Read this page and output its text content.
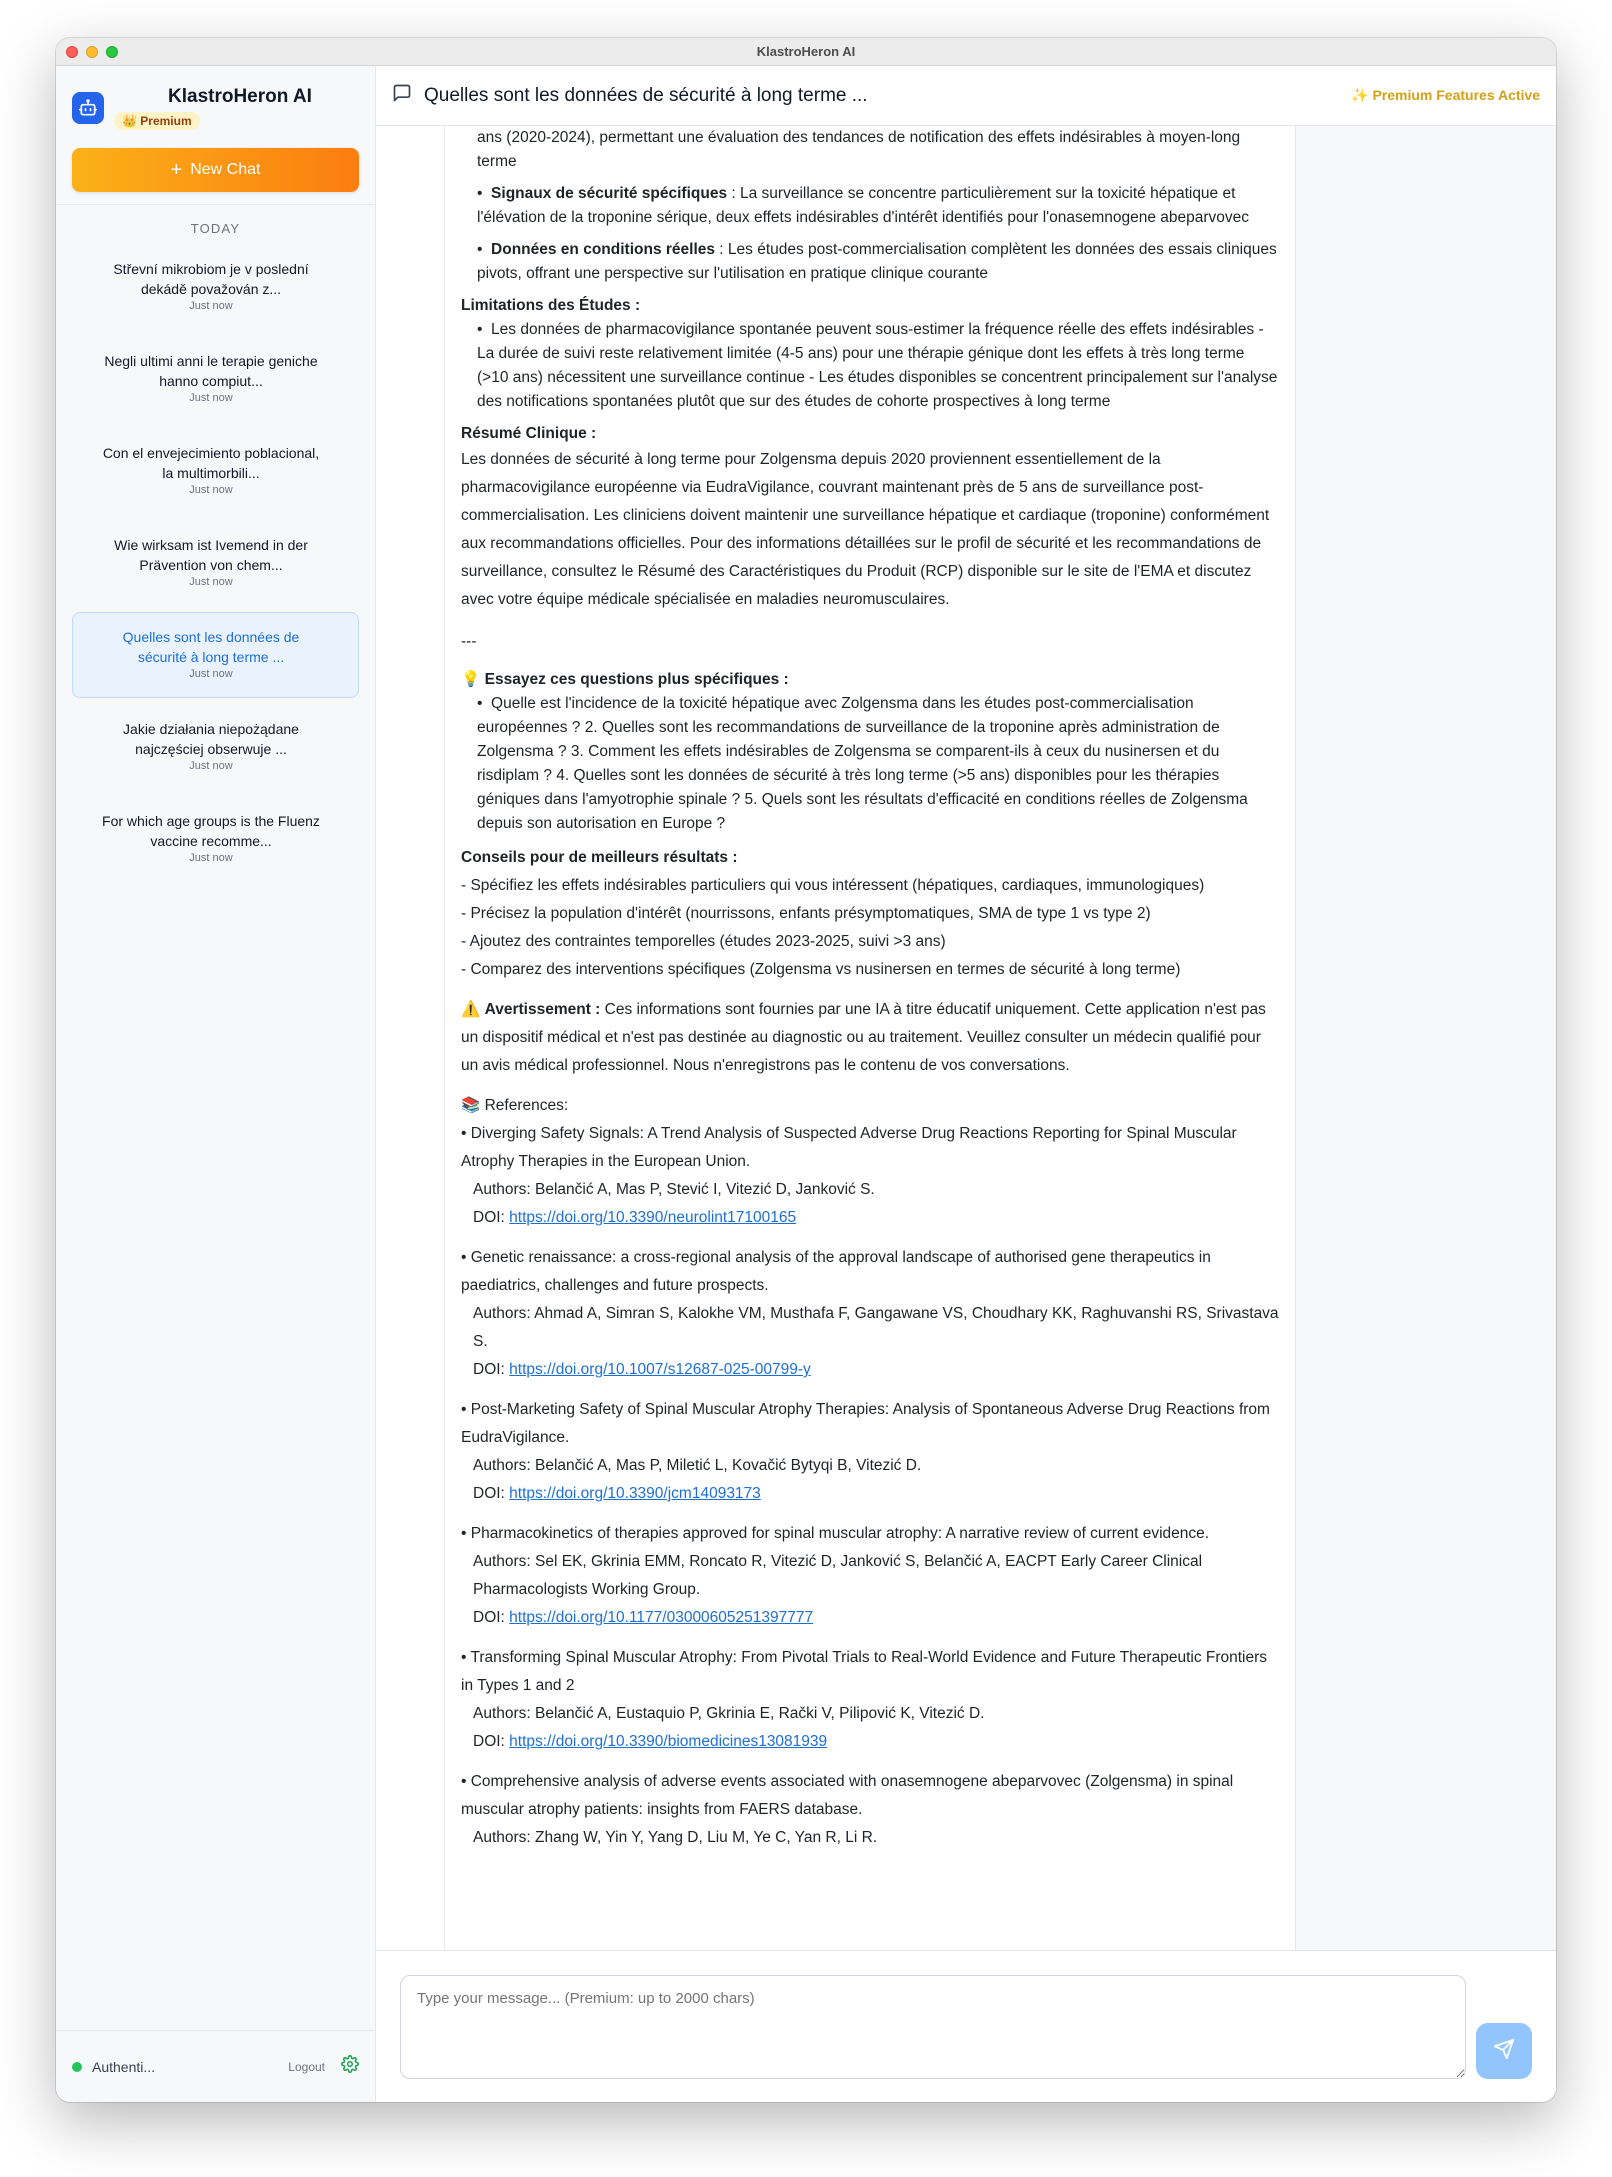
KlastroHeron AI
KlastroHeron AI
👑 Premium
+ New Chat
TODAY
Střevní mikrobiom je v poslední dekádě považován z...
Just now
Negli ultimi anni le terapie geniche hanno compiut...
Just now
Con el envejecimiento poblacional, la multimorbili...
Just now
Wie wirksam ist Ivemend in der Prävention von chem...
Just now
Quelles sont les données de sécurité à long terme ...
Just now
Jakie działania niepożądane najczęściej obserwuje ...
Just now
For which age groups is the Fluenz vaccine recomme...
Just now
Authenti...	Logout
Quelles sont les données de sécurité à long terme ...	✨ Premium Features Active
ans (2020-2024), permettant une évaluation des tendances de notification des effets indésirables à moyen-long terme
•  Signaux de sécurité spécifiques : La surveillance se concentre particulièrement sur la toxicité hépatique et l'élévation de la troponine sérique, deux effets indésirables d'intérêt identifiés pour l'onasemnogene abeparvovec
•  Données en conditions réelles : Les études post-commercialisation complètent les données des essais cliniques pivots, offrant une perspective sur l'utilisation en pratique clinique courante

Limitations des Études :

•  Les données de pharmacovigilance spontanée peuvent sous-estimer la fréquence réelle des effets indésirables - La durée de suivi reste relativement limitée (4-5 ans) pour une thérapie génique dont les effets à très long terme (>10 ans) nécessitent une surveillance continue - Les études disponibles se concentrent principalement sur l'analyse des notifications spontanées plutôt que sur des études de cohorte prospectives à long terme

Résumé Clinique :

Les données de sécurité à long terme pour Zolgensma depuis 2020 proviennent essentiellement de la pharmacovigilance européenne via EudraVigilance, couvrant maintenant près de 5 ans de surveillance post-commercialisation. Les cliniciens doivent maintenir une surveillance hépatique et cardiaque (troponine) conformément aux recommandations officielles. Pour des informations détaillées sur le profil de sécurité et les recommandations de surveillance, consultez le Résumé des Caractéristiques du Produit (RCP) disponible sur le site de l'EMA et discutez avec votre équipe médicale spécialisée en maladies neuromusculaires.

---

💡 Essayez ces questions plus spécifiques :

•  Quelle est l'incidence de la toxicité hépatique avec Zolgensma dans les études post-commercialisation européennes ? 2. Quelles sont les recommandations de surveillance de la troponine après administration de Zolgensma ? 3. Comment les effets indésirables de Zolgensma se comparent-ils à ceux du nusinersen et du risdiplam ? 4. Quelles sont les données de sécurité à très long terme (>5 ans) disponibles pour les thérapies géniques dans l'amyotrophie spinale ? 5. Quels sont les résultats d'efficacité en conditions réelles de Zolgensma depuis son autorisation en Europe ?

Conseils pour de meilleurs résultats :

- Spécifiez les effets indésirables particuliers qui vous intéressent (hépatiques, cardiaques, immunologiques)

- Précisez la population d'intérêt (nourrissons, enfants présymptomatiques, SMA de type 1 vs type 2)

- Ajoutez des contraintes temporelles (études 2023-2025, suivi >3 ans)

- Comparez des interventions spécifiques (Zolgensma vs nusinersen en termes de sécurité à long terme)

⚠️ Avertissement : Ces informations sont fournies par une IA à titre éducatif uniquement. Cette application n'est pas un dispositif médical et n'est pas destinée au diagnostic ou au traitement. Veuillez consulter un médecin qualifié pour un avis médical professionnel. Nous n'enregistrons pas le contenu de vos conversations.

📚 References:

• Diverging Safety Signals: A Trend Analysis of Suspected Adverse Drug Reactions Reporting for Spinal Muscular Atrophy Therapies in the European Union.

Authors: Belančić A, Mas P, Stević I, Vitezić D, Janković S.

DOI: https://doi.org/10.3390/neurolint17100165

• Genetic renaissance: a cross-regional analysis of the approval landscape of authorised gene therapeutics in paediatrics, challenges and future prospects.

Authors: Ahmad A, Simran S, Kalokhe VM, Musthafa F, Gangawane VS, Choudhary KK, Raghuvanshi RS, Srivastava S.

DOI: https://doi.org/10.1007/s12687-025-00799-y

• Post-Marketing Safety of Spinal Muscular Atrophy Therapies: Analysis of Spontaneous Adverse Drug Reactions from EudraVigilance.

Authors: Belančić A, Mas P, Miletić L, Kovačić Bytyqi B, Vitezić D.

DOI: https://doi.org/10.3390/jcm14093173

• Pharmacokinetics of therapies approved for spinal muscular atrophy: A narrative review of current evidence.

Authors: Sel EK, Gkrinia EMM, Roncato R, Vitezić D, Janković S, Belančić A, EACPT Early Career Clinical Pharmacologists Working Group.

DOI: https://doi.org/10.1177/03000605251397777

• Transforming Spinal Muscular Atrophy: From Pivotal Trials to Real-World Evidence and Future Therapeutic Frontiers in Types 1 and 2

Authors: Belančić A, Eustaquio P, Gkrinia E, Rački V, Pilipović K, Vitezić D.

DOI: https://doi.org/10.3390/biomedicines13081939

• Comprehensive analysis of adverse events associated with onasemnogene abeparvovec (Zolgensma) in spinal muscular atrophy patients: insights from FAERS database.

Authors: Zhang W, Yin Y, Yang D, Liu M, Ye C, Yan R, Li R.

Type your message... (Premium: up to 2000 chars)
